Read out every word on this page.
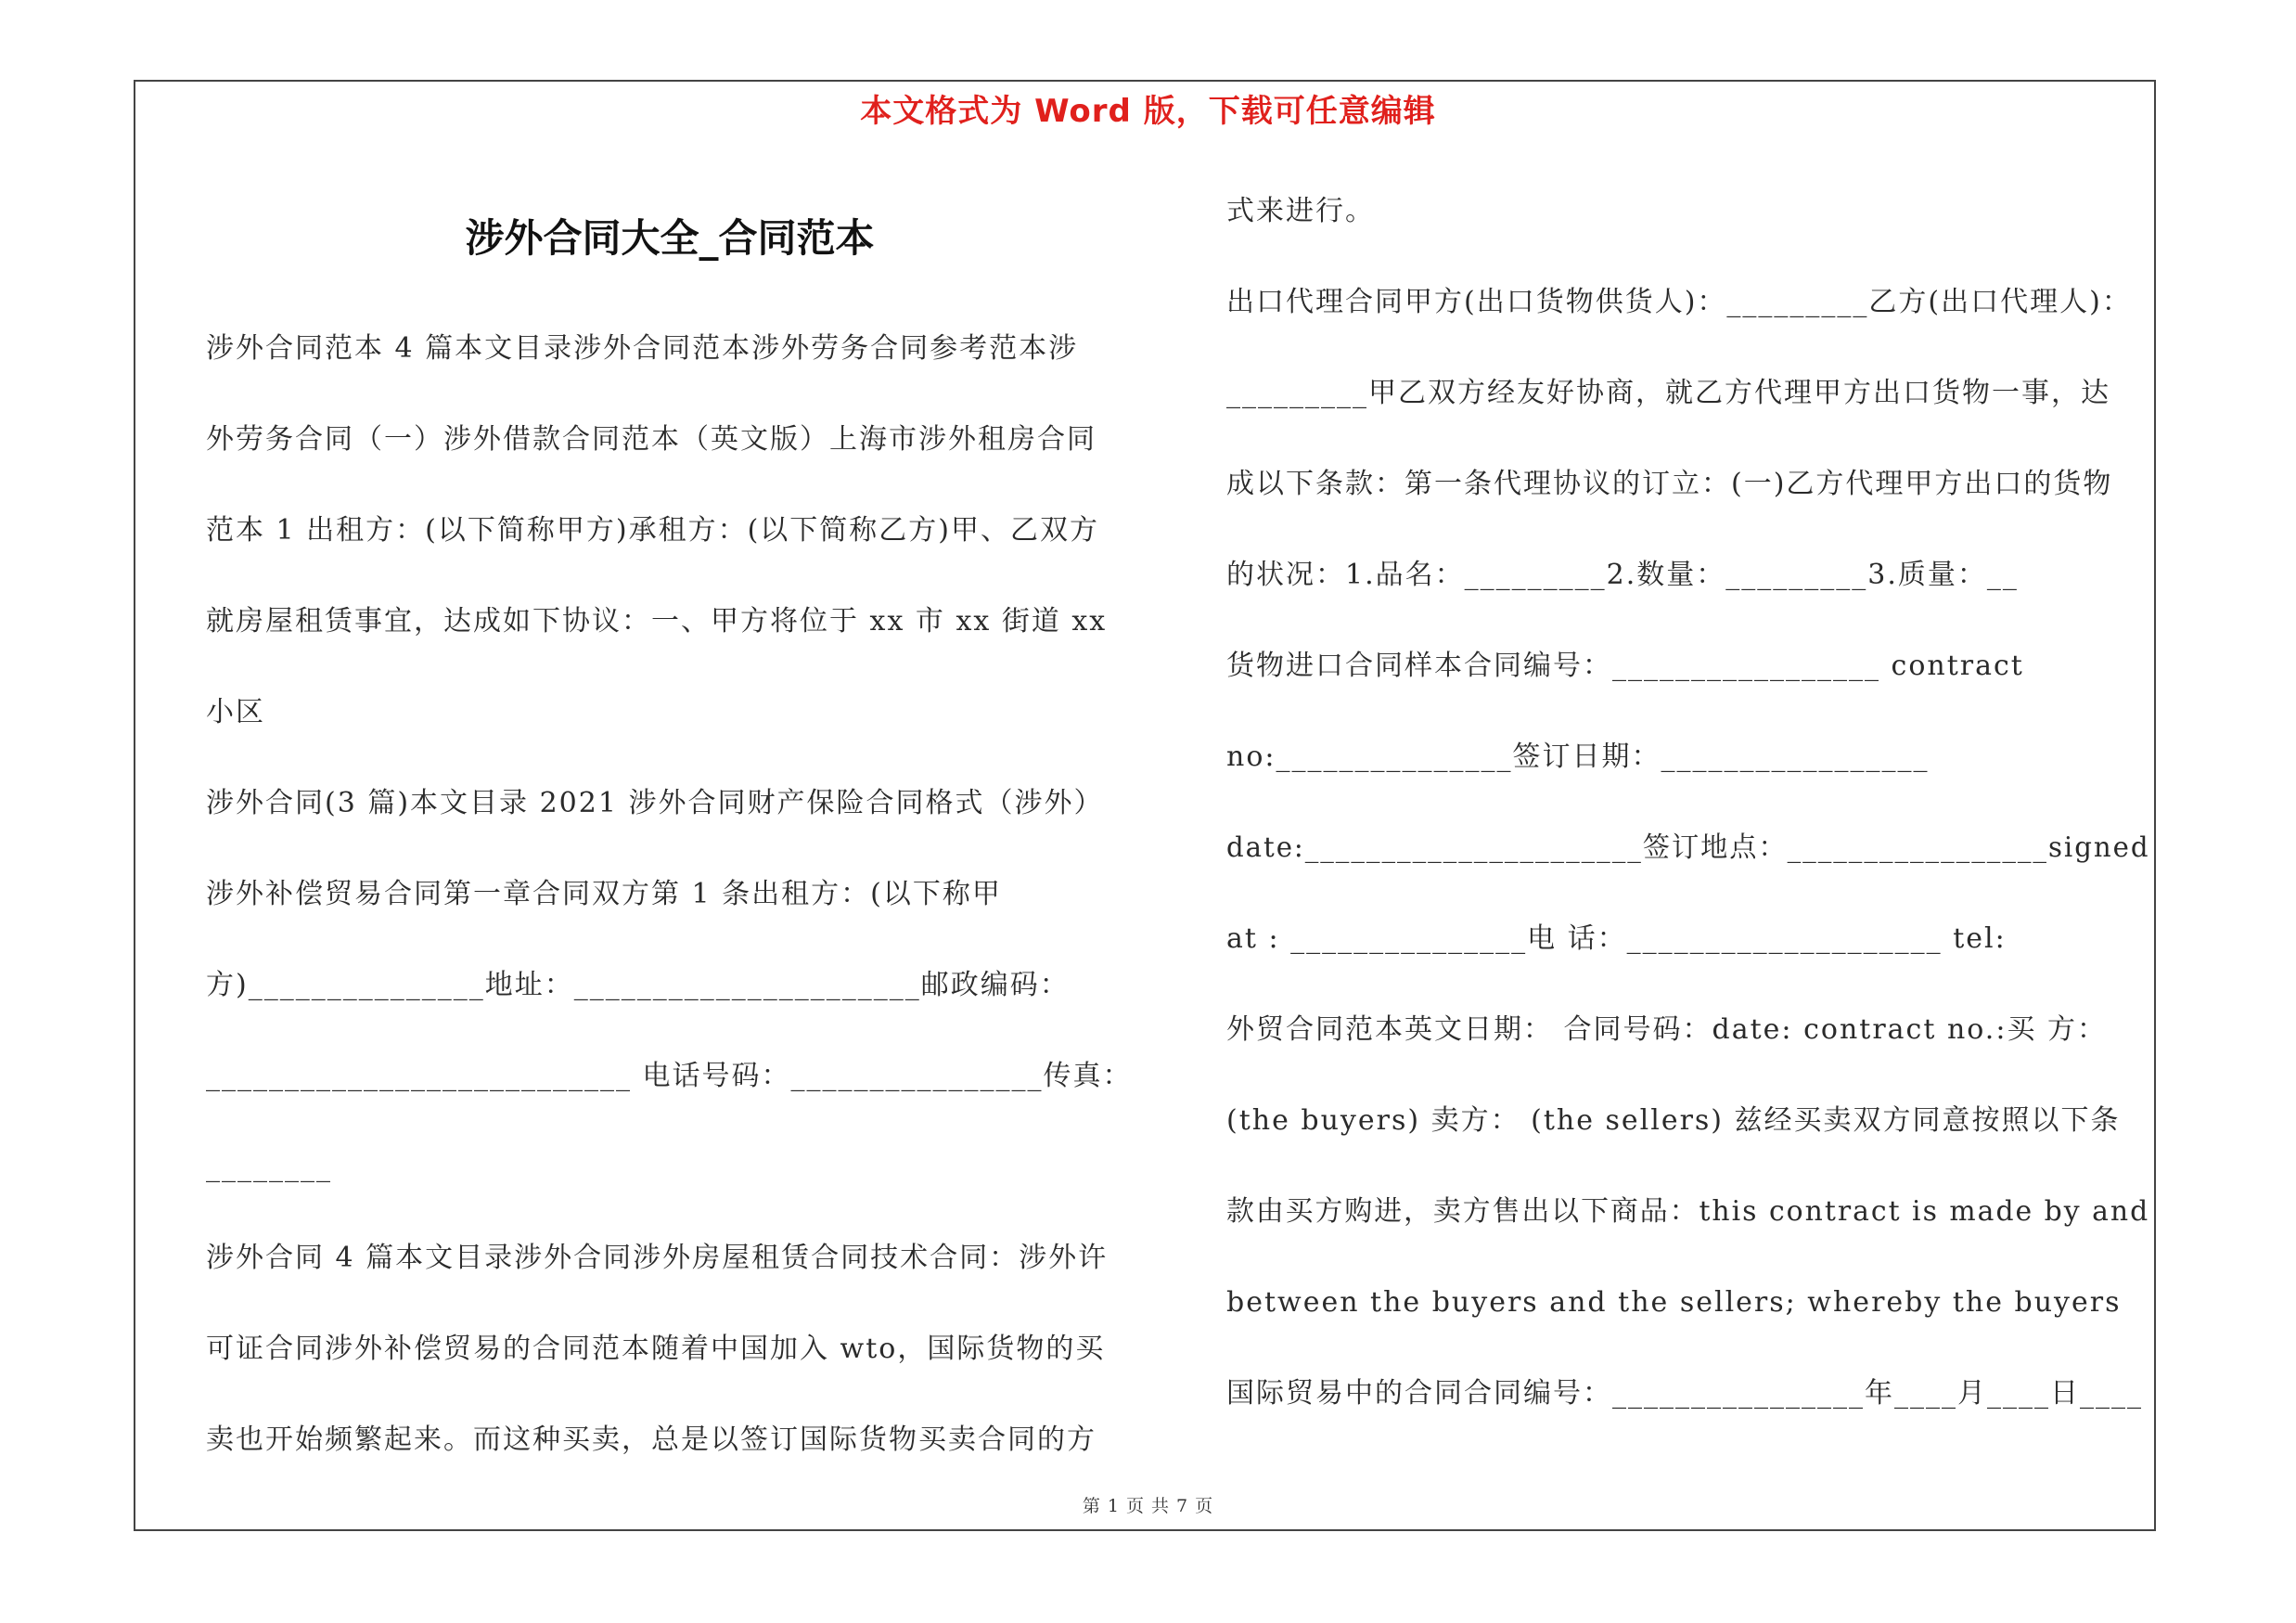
本文格式为 Word 版，下载可任意编辑
涉外合同大全_合同范本
涉外合同范本 4 篇本文目录涉外合同范本涉外劳务合同参考范本涉
外劳务合同（一）涉外借款合同范本（英文版）上海市涉外租房合同
范本 1 出租方：(以下简称甲方)承租方：(以下简称乙方)甲、乙双方
就房屋租赁事宜，达成如下协议：一、甲方将位于 xx 市 xx 街道 xx
小区
涉外合同(3 篇)本文目录 2021 涉外合同财产保险合同格式（涉外）
涉外补偿贸易合同第一章合同双方第 1 条出租方：(以下称甲
方)_______________地址：______________________邮政编码：
___________________________ 电话号码：________________传真：
________
涉外合同 4 篇本文目录涉外合同涉外房屋租赁合同技术合同：涉外许
可证合同涉外补偿贸易的合同范本随着中国加入 wto，国际货物的买
卖也开始频繁起来。而这种买卖，总是以签订国际货物买卖合同的方
式来进行。
出口代理合同甲方(出口货物供货人)：_________乙方(出口代理人)：
_________甲乙双方经友好协商，就乙方代理甲方出口货物一事，达
成以下条款：第一条代理协议的订立：(一)乙方代理甲方出口的货物
的状况：1.品名：_________2.数量：_________3.质量：__
货物进口合同样本合同编号：_________________ contract
no:_______________签订日期：_________________
date:______________________签订地点：_________________signed
at : _______________电 话：____________________ tel:
外贸合同范本英文日期： 合同号码：date: contract no.:买 方：
(the buyers) 卖方： (the sellers) 兹经买卖双方同意按照以下条
款由买方购进，卖方售出以下商品：this contract is made by and
between the buyers and the sellers; whereby the buyers
国际贸易中的合同合同编号：________________年____月____日____
第 1 页 共 7 页
